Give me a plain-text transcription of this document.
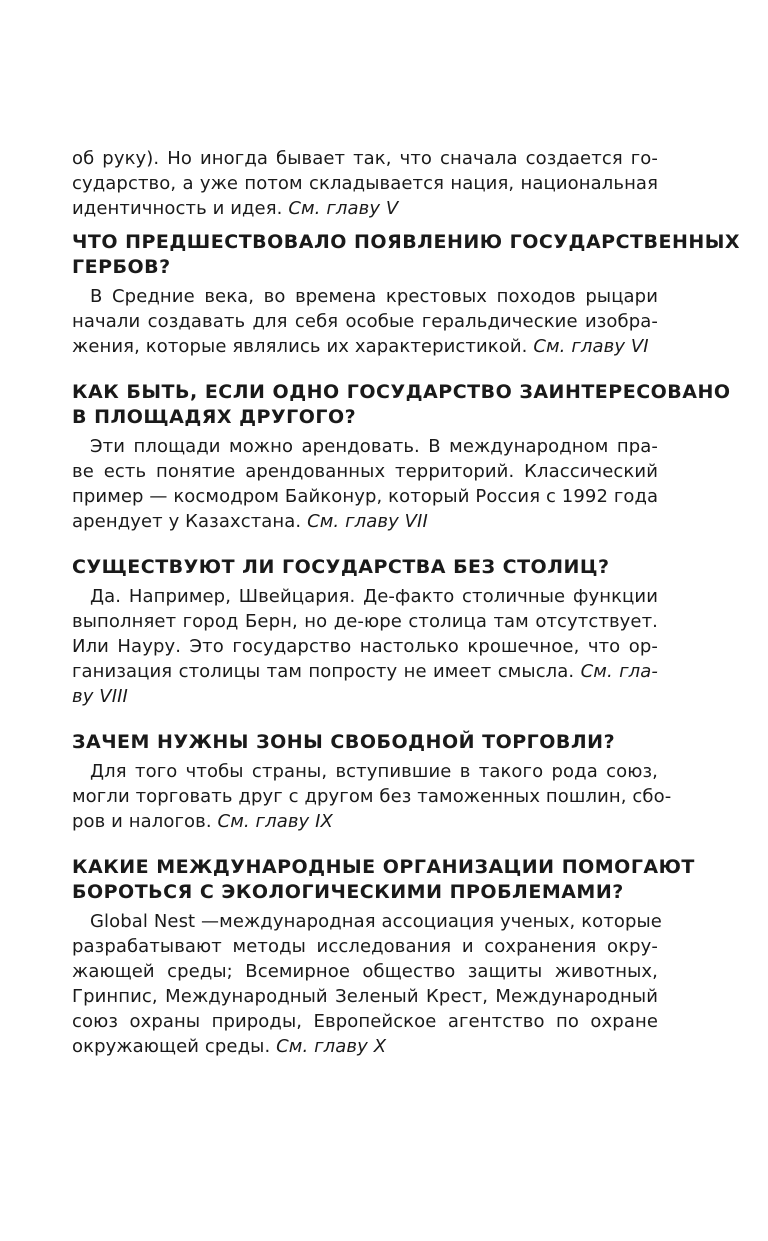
об руку). Но иногда бывает так, что сначала создается го-
сударство, а уже потом складывается нация, национальная
идентичность и идея. См. главу V
ЧТО ПРЕДШЕСТВОВАЛО ПОЯВЛЕНИЮ ГОСУДАРСТВЕННЫХ
ГЕРБОВ?
В Средние века, во времена крестовых походов рыцари
начали создавать для себя особые геральдические изобра-
жения, которые являлись их характеристикой. См. главу VI
КАК БЫТЬ, ЕСЛИ ОДНО ГОСУДАРСТВО ЗАИНТЕРЕСОВАНО
В ПЛОЩАДЯХ ДРУГОГО?
Эти площади можно арендовать. В международном пра-
ве есть понятие арендованных территорий. Классический
пример — космодром Байконур, который Россия с 1992 года
арендует у Казахстана. См. главу VII
СУЩЕСТВУЮТ ЛИ ГОСУДАРСТВА БЕЗ СТОЛИЦ?
Да. Например, Швейцария. Де-факто столичные функции
выполняет город Берн, но де-юре столица там отсутствует.
Или Науру. Это государство настолько крошечное, что ор-
ганизация столицы там попросту не имеет смысла. См. гла-
ву VIII
ЗАЧЕМ НУЖНЫ ЗОНЫ СВОБОДНОЙ ТОРГОВЛИ?
Для того чтобы страны, вступившие в такого рода союз,
могли торговать друг с другом без таможенных пошлин, сбо-
ров и налогов. См. главу IX
КАКИЕ МЕЖДУНАРОДНЫЕ ОРГАНИЗАЦИИ ПОМОГАЮТ
БОРОТЬСЯ С ЭКОЛОГИЧЕСКИМИ ПРОБЛЕМАМИ?
Global Nest —международная ассоциация ученых, которые
разрабатывают методы исследования и сохранения окру-
жающей среды; Всемирное общество защиты животных,
Гринпис, Международный Зеленый Крест, Международный
союз охраны природы, Европейское агентство по охране
окружающей среды. См. главу X
